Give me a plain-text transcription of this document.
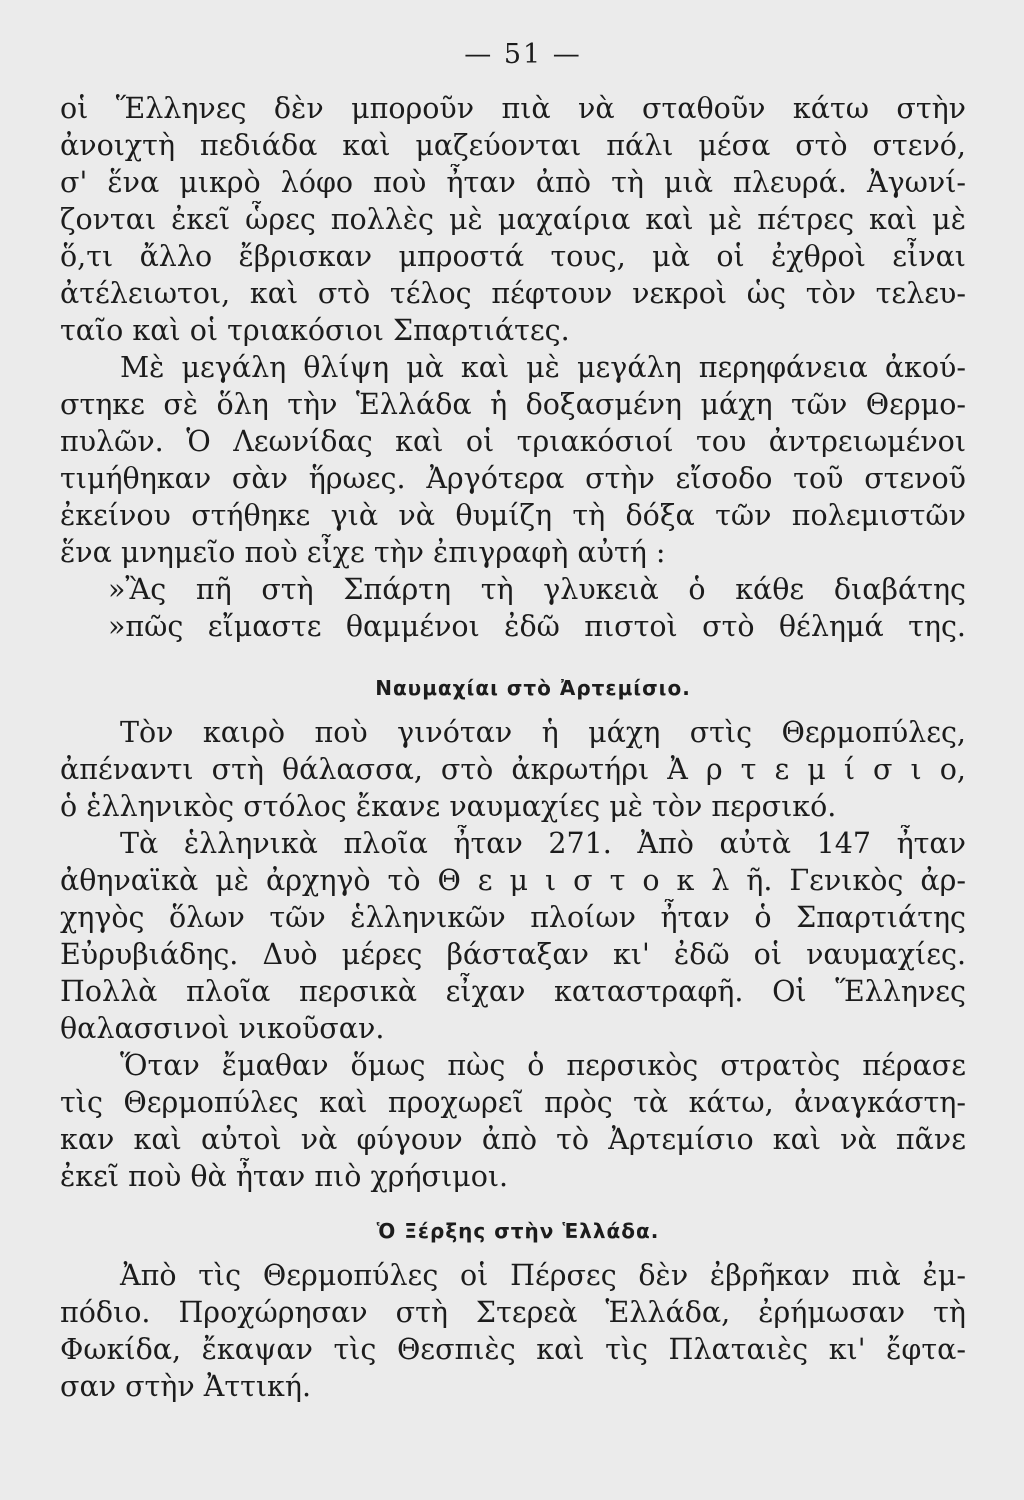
— 51 —
οἱ Ἕλληνες δὲν μποροῦν πιὰ νὰ σταθοῦν κάτω στὴν
ἀνοιχτὴ πεδιάδα καὶ μαζεύονται πάλι μέσα στὸ στενό,
σ' ἕνα μικρὸ λόφο ποὺ ἦταν ἀπὸ τὴ μιὰ πλευρά. Ἀγωνί-
ζονται ἐκεῖ ὧρες πολλὲς μὲ μαχαίρια καὶ μὲ πέτρες καὶ μὲ
ὅ,τι ἄλλο ἔβρισκαν μπροστά τους, μὰ οἱ ἐχθροὶ εἶναι
ἀτέλειωτοι, καὶ στὸ τέλος πέφτουν νεκροὶ ὡς τὸν τελευ-
ταῖο καὶ οἱ τριακόσιοι Σπαρτιάτες.
Μὲ μεγάλη θλίψη μὰ καὶ μὲ μεγάλη περηφάνεια ἀκού-
στηκε σὲ ὅλη τὴν Ἑλλάδα ἡ δοξασμένη μάχη τῶν Θερμο-
πυλῶν. Ὁ Λεωνίδας καὶ οἱ τριακόσιοί του ἀντρειωμένοι
τιμήθηκαν σὰν ἥρωες. Ἀργότερα στὴν εἴσοδο τοῦ στενοῦ
ἐκείνου στήθηκε γιὰ νὰ θυμίζη τὴ δόξα τῶν πολεμιστῶν
ἕνα μνημεῖο ποὺ εἶχε τὴν ἐπιγραφὴ αὐτή :
»Ἂς πῆ στὴ Σπάρτη τὴ γλυκειὰ ὁ κάθε διαβάτης
»πῶς εἴμαστε θαμμένοι ἐδῶ πιστοὶ στὸ θέλημά της.
Ναυμαχίαι στὸ Ἀρτεμίσιο.
Τὸν καιρὸ ποὺ γινόταν ἡ μάχη στὶς Θερμοπύλες,
ἀπέναντι στὴ θάλασσα, στὸ ἀκρωτήρι Ἀ ρ τ ε μ ί σ ι ο,
ὁ ἑλληνικὸς στόλος ἔκανε ναυμαχίες μὲ τὸν περσικό.
Τὰ ἑλληνικὰ πλοῖα ἦταν 271. Ἀπὸ αὐτὰ 147 ἦταν
ἀθηναϊκὰ μὲ ἀρχηγὸ τὸ Θ ε μ ι σ τ ο κ λ ῆ. Γενικὸς ἀρ-
χηγὸς ὅλων τῶν ἑλληνικῶν πλοίων ἦταν ὁ Σπαρτιάτης
Εὐρυβιάδης. Δυὸ μέρες βάσταξαν κι' ἐδῶ οἱ ναυμαχίες.
Πολλὰ πλοῖα περσικὰ εἶχαν καταστραφῆ. Οἱ Ἕλληνες
θαλασσινοὶ νικοῦσαν.
Ὅταν ἔμαθαν ὅμως πὼς ὁ περσικὸς στρατὸς πέρασε
τὶς Θερμοπύλες καὶ προχωρεῖ πρὸς τὰ κάτω, ἀναγκάστη-
καν καὶ αὐτοὶ νὰ φύγουν ἀπὸ τὸ Ἀρτεμίσιο καὶ νὰ πᾶνε
ἐκεῖ ποὺ θὰ ἦταν πιὸ χρήσιμοι.
Ὁ Ξέρξης στὴν Ἑλλάδα.
Ἀπὸ τὶς Θερμοπύλες οἱ Πέρσες δὲν ἐβρῆκαν πιὰ ἐμ-
πόδιο. Προχώρησαν στὴ Στερεὰ Ἑλλάδα, ἐρήμωσαν τὴ
Φωκίδα, ἔκαψαν τὶς Θεσπιὲς καὶ τὶς Πλαταιὲς κι' ἔφτα-
σαν στὴν Ἀττική.
